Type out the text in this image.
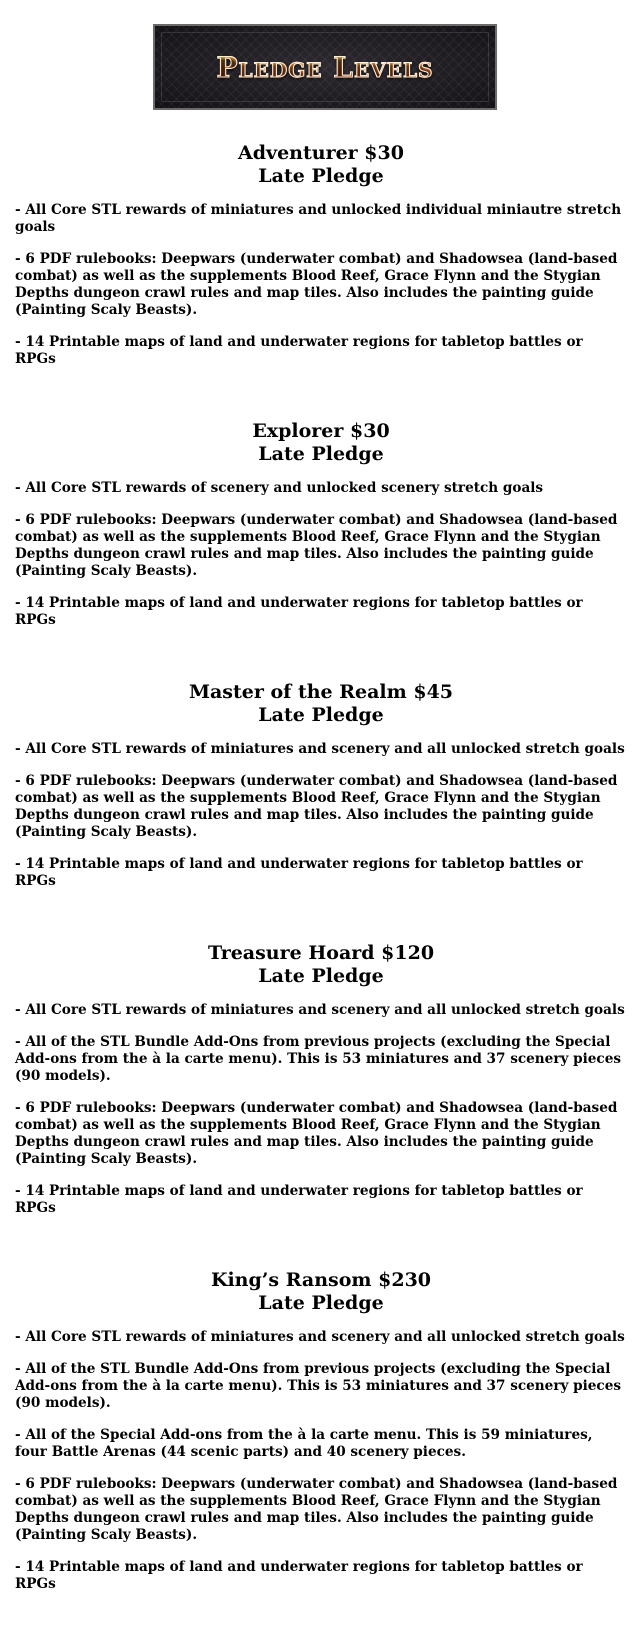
Pledge Levels
Adventurer $30
Late Pledge
- All Core STL rewards of miniatures and unlocked individual miniautre stretch goals
- 6 PDF rulebooks: Deepwars (underwater combat) and Shadowsea (land-based combat) as well as the supplements Blood Reef, Grace Flynn and the Stygian Depths dungeon crawl rules and map tiles. Also includes the painting guide (Painting Scaly Beasts).
- 14 Printable maps of land and underwater regions for tabletop battles or RPGs
Explorer $30
Late Pledge
- All Core STL rewards of scenery and unlocked scenery stretch goals
- 6 PDF rulebooks: Deepwars (underwater combat) and Shadowsea (land-based combat) as well as the supplements Blood Reef, Grace Flynn and the Stygian Depths dungeon crawl rules and map tiles. Also includes the painting guide (Painting Scaly Beasts).
- 14 Printable maps of land and underwater regions for tabletop battles or RPGs
Master of the Realm $45
Late Pledge
- All Core STL rewards of miniatures and scenery and all unlocked stretch goals
- 6 PDF rulebooks: Deepwars (underwater combat) and Shadowsea (land-based combat) as well as the supplements Blood Reef, Grace Flynn and the Stygian Depths dungeon crawl rules and map tiles. Also includes the painting guide (Painting Scaly Beasts).
- 14 Printable maps of land and underwater regions for tabletop battles or RPGs
Treasure Hoard $120
Late Pledge
- All Core STL rewards of miniatures and scenery and all unlocked stretch goals
- All of the STL Bundle Add-Ons from previous projects (excluding the Special Add-ons from the à la carte menu). This is 53 miniatures and 37 scenery pieces (90 models).
- 6 PDF rulebooks: Deepwars (underwater combat) and Shadowsea (land-based combat) as well as the supplements Blood Reef, Grace Flynn and the Stygian Depths dungeon crawl rules and map tiles. Also includes the painting guide (Painting Scaly Beasts).
- 14 Printable maps of land and underwater regions for tabletop battles or RPGs
King’s Ransom $230
Late Pledge
- All Core STL rewards of miniatures and scenery and all unlocked stretch goals
- All of the STL Bundle Add-Ons from previous projects (excluding the Special Add-ons from the à la carte menu). This is 53 miniatures and 37 scenery pieces (90 models).
- All of the Special Add-ons from the à la carte menu. This is 59 miniatures, four Battle Arenas (44 scenic parts) and 40 scenery pieces.
- 6 PDF rulebooks: Deepwars (underwater combat) and Shadowsea (land-based combat) as well as the supplements Blood Reef, Grace Flynn and the Stygian Depths dungeon crawl rules and map tiles. Also includes the painting guide (Painting Scaly Beasts).
- 14 Printable maps of land and underwater regions for tabletop battles or RPGs
